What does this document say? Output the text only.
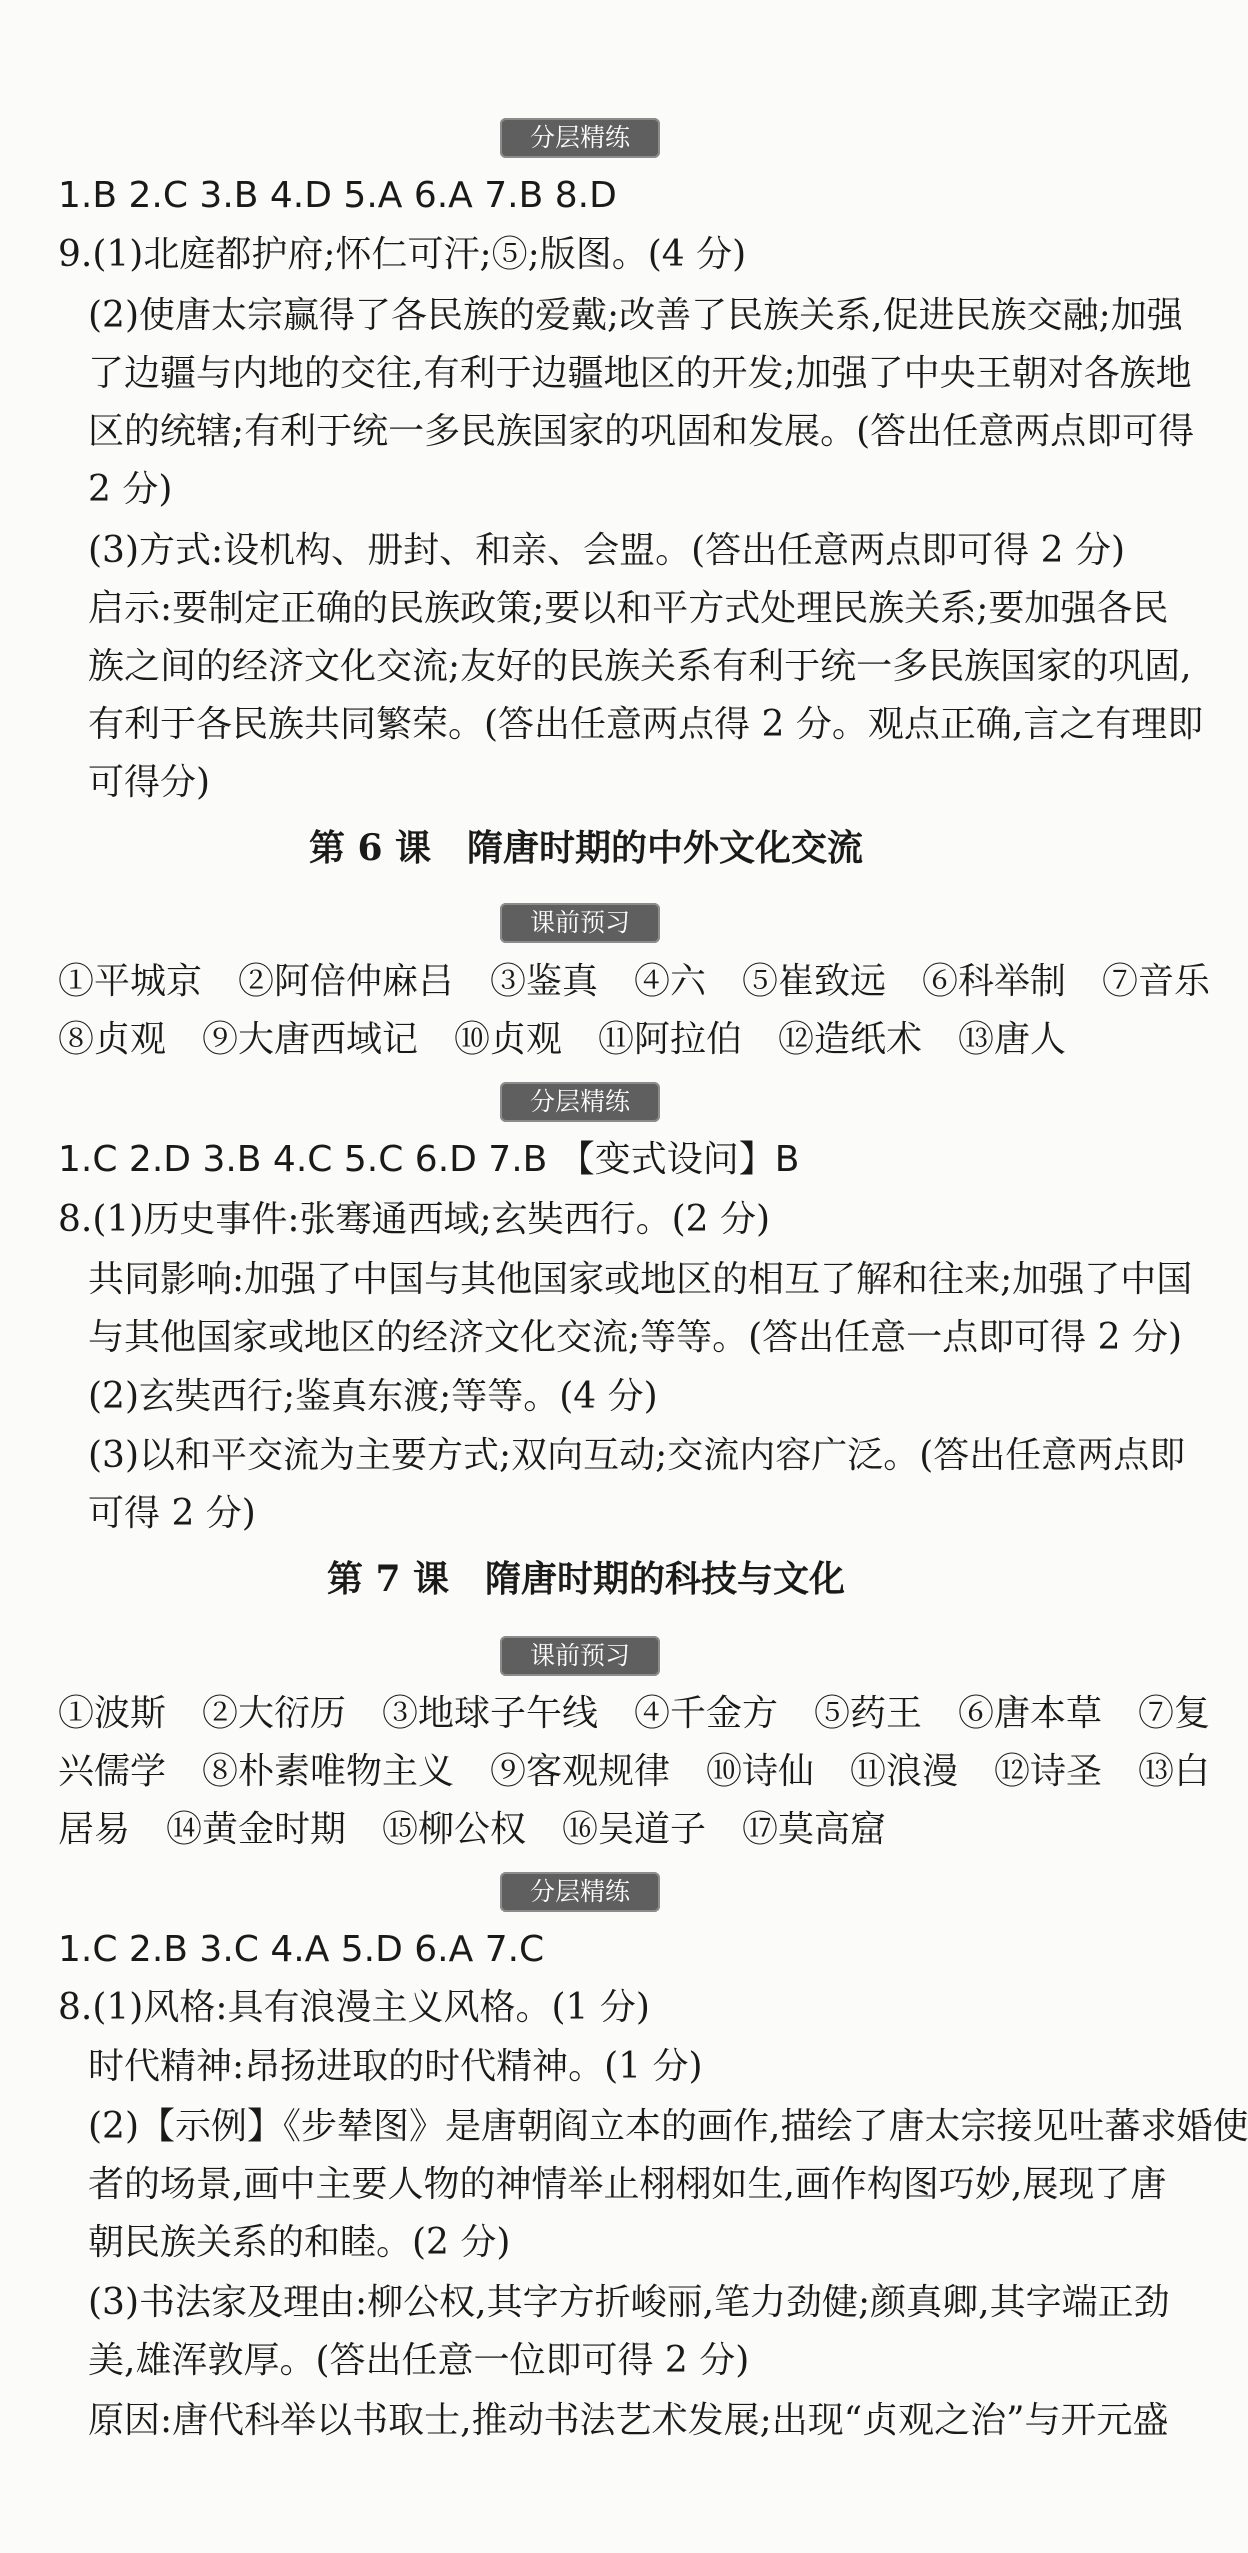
分层精练
1.B 2.C 3.B 4.D 5.A 6.A 7.B 8.D
9.(1)北庭都护府;怀仁可汗;⑤;版图。(4 分)
(2)使唐太宗赢得了各民族的爱戴;改善了民族关系,促进民族交融;加强
了边疆与内地的交往,有利于边疆地区的开发;加强了中央王朝对各族地
区的统辖;有利于统一多民族国家的巩固和发展。(答出任意两点即可得
2 分)
(3)方式:设机构、册封、和亲、会盟。(答出任意两点即可得 2 分)
启示:要制定正确的民族政策;要以和平方式处理民族关系;要加强各民
族之间的经济文化交流;友好的民族关系有利于统一多民族国家的巩固,
有利于各民族共同繁荣。(答出任意两点得 2 分。观点正确,言之有理即
可得分)
第 6 课　隋唐时期的中外文化交流
课前预习
①平城京　②阿倍仲麻吕　③鉴真　④六　⑤崔致远　⑥科举制　⑦音乐
⑧贞观　⑨大唐西域记　⑩贞观　⑪阿拉伯　⑫造纸术　⑬唐人
分层精练
1.C 2.D 3.B 4.C 5.C 6.D 7.B 【变式设问】B
8.(1)历史事件:张骞通西域;玄奘西行。(2 分)
共同影响:加强了中国与其他国家或地区的相互了解和往来;加强了中国
与其他国家或地区的经济文化交流;等等。(答出任意一点即可得 2 分)
(2)玄奘西行;鉴真东渡;等等。(4 分)
(3)以和平交流为主要方式;双向互动;交流内容广泛。(答出任意两点即
可得 2 分)
第 7 课　隋唐时期的科技与文化
课前预习
①波斯　②大衍历　③地球子午线　④千金方　⑤药王　⑥唐本草　⑦复
兴儒学　⑧朴素唯物主义　⑨客观规律　⑩诗仙　⑪浪漫　⑫诗圣　⑬白
居易　⑭黄金时期　⑮柳公权　⑯吴道子　⑰莫高窟
分层精练
1.C 2.B 3.C 4.A 5.D 6.A 7.C
8.(1)风格:具有浪漫主义风格。(1 分)
时代精神:昂扬进取的时代精神。(1 分)
(2)【示例】《步辇图》是唐朝阎立本的画作,描绘了唐太宗接见吐蕃求婚使
者的场景,画中主要人物的神情举止栩栩如生,画作构图巧妙,展现了唐
朝民族关系的和睦。(2 分)
(3)书法家及理由:柳公权,其字方折峻丽,笔力劲健;颜真卿,其字端正劲
美,雄浑敦厚。(答出任意一位即可得 2 分)
原因:唐代科举以书取士,推动书法艺术发展;出现“贞观之治”与开元盛
